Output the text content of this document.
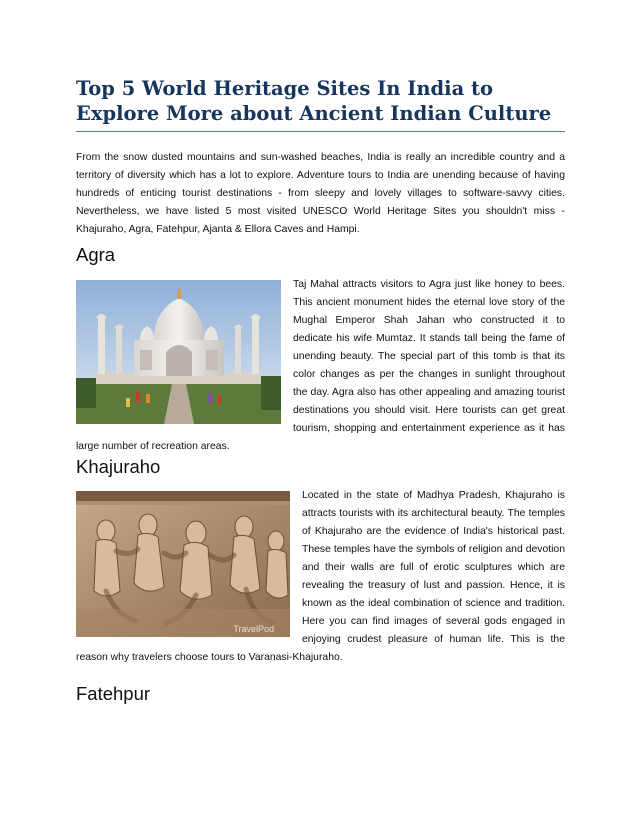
Top 5 World Heritage Sites In India to
Explore More about Ancient Indian Culture

From the snow dusted mountains and sun-washed beaches, India is really an incredible country and a territory of diversity which has a lot to explore. Adventure tours to India are unending because of having hundreds of enticing tourist destinations - from sleepy and lovely villages to software-savvy cities. Nevertheless, we have listed 5 most visited UNESCO World Heritage Sites you shouldn't miss - Khajuraho, Agra, Fatehpur, Ajanta & Ellora Caves and Hampi.

Agra
Taj Mahal attracts visitors to Agra just like honey to bees. This ancient monument hides the eternal love story of the Mughal Emperor Shah Jahan who constructed it to dedicate his wife Mumtaz. It stands tall being the fame of unending beauty. The special part of this tomb is that its color changes as per the changes in sunlight throughout the day. Agra also has other appealing and amazing tourist destinations you should visit. Here tourists can get great tourism, shopping and entertainment experience as it has large number of recreation areas.
Khajuraho
TravelPod
Located in the state of Madhya Pradesh, Khajuraho is attracts tourists with its architectural beauty. The temples of Khajuraho are the evidence of India's historical past. These temples have the symbols of religion and devotion and their walls are full of erotic sculptures which are revealing the treasury of lust and passion. Hence, it is known as the ideal combination of science and tradition. Here you can find images of several gods engaged in enjoying crudest pleasure of human life. This is the reason why travelers choose tours to Varanasi-Khajuraho.
Fatehpur
